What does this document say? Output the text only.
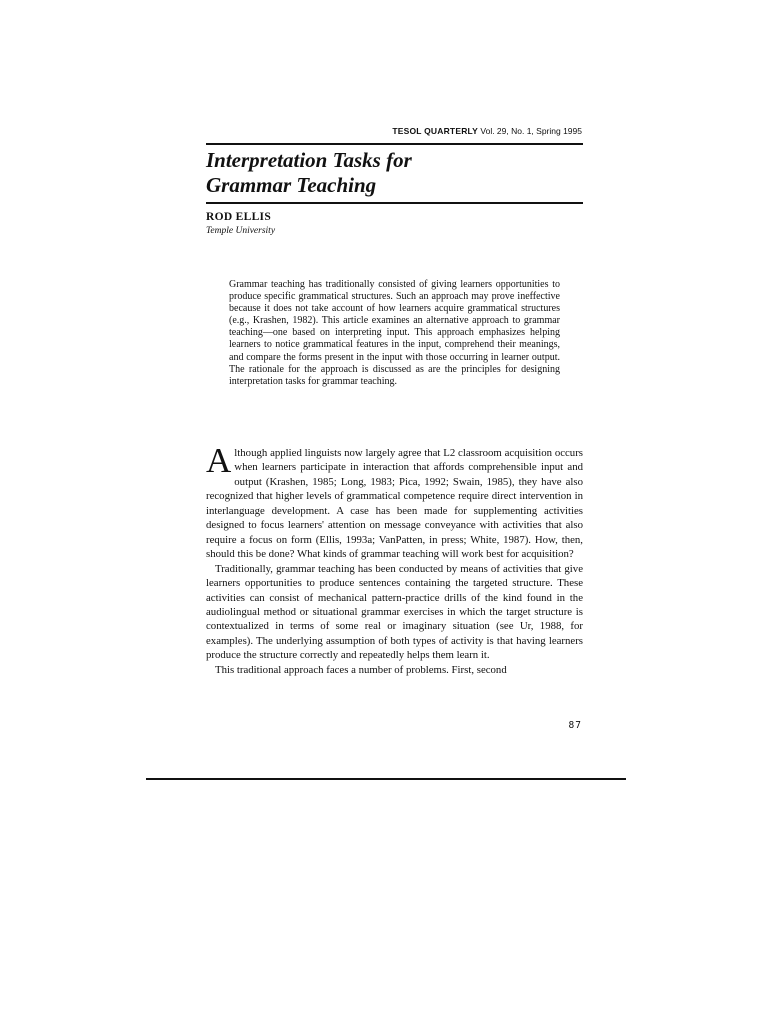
TESOL QUARTERLY Vol. 29, No. 1, Spring 1995
Interpretation Tasks for
Grammar Teaching
ROD ELLIS
Temple University

Grammar teaching has traditionally consisted of giving learners opportunities to produce specific grammatical structures. Such an approach may prove ineffective because it does not take account of how learners acquire grammatical structures (e.g., Krashen, 1982). This article examines an alternative approach to grammar teaching—one based on interpreting input. This approach emphasizes helping learners to notice grammatical features in the input, comprehend their meanings, and compare the forms present in the input with those occurring in learner output. The rationale for the approach is discussed as are the principles for designing interpretation tasks for grammar teaching.

Although applied linguists now largely agree that L2 classroom acquisition occurs when learners participate in interaction that affords comprehensible input and output (Krashen, 1985; Long, 1983; Pica, 1992; Swain, 1985), they have also recognized that higher levels of grammatical competence require direct intervention in interlanguage development. A case has been made for supplementing activities designed to focus learners' attention on message conveyance with activities that also require a focus on form (Ellis, 1993a; VanPatten, in press; White, 1987). How, then, should this be done? What kinds of grammar teaching will work best for acquisition?

Traditionally, grammar teaching has been conducted by means of activities that give learners opportunities to produce sentences containing the targeted structure. These activities can consist of mechanical pattern-practice drills of the kind found in the audiolingual method or situational grammar exercises in which the target structure is contextualized in terms of some real or imaginary situation (see Ur, 1988, for examples). The underlying assumption of both types of activity is that having learners produce the structure correctly and repeatedly helps them learn it.

This traditional approach faces a number of problems. First, second

87
